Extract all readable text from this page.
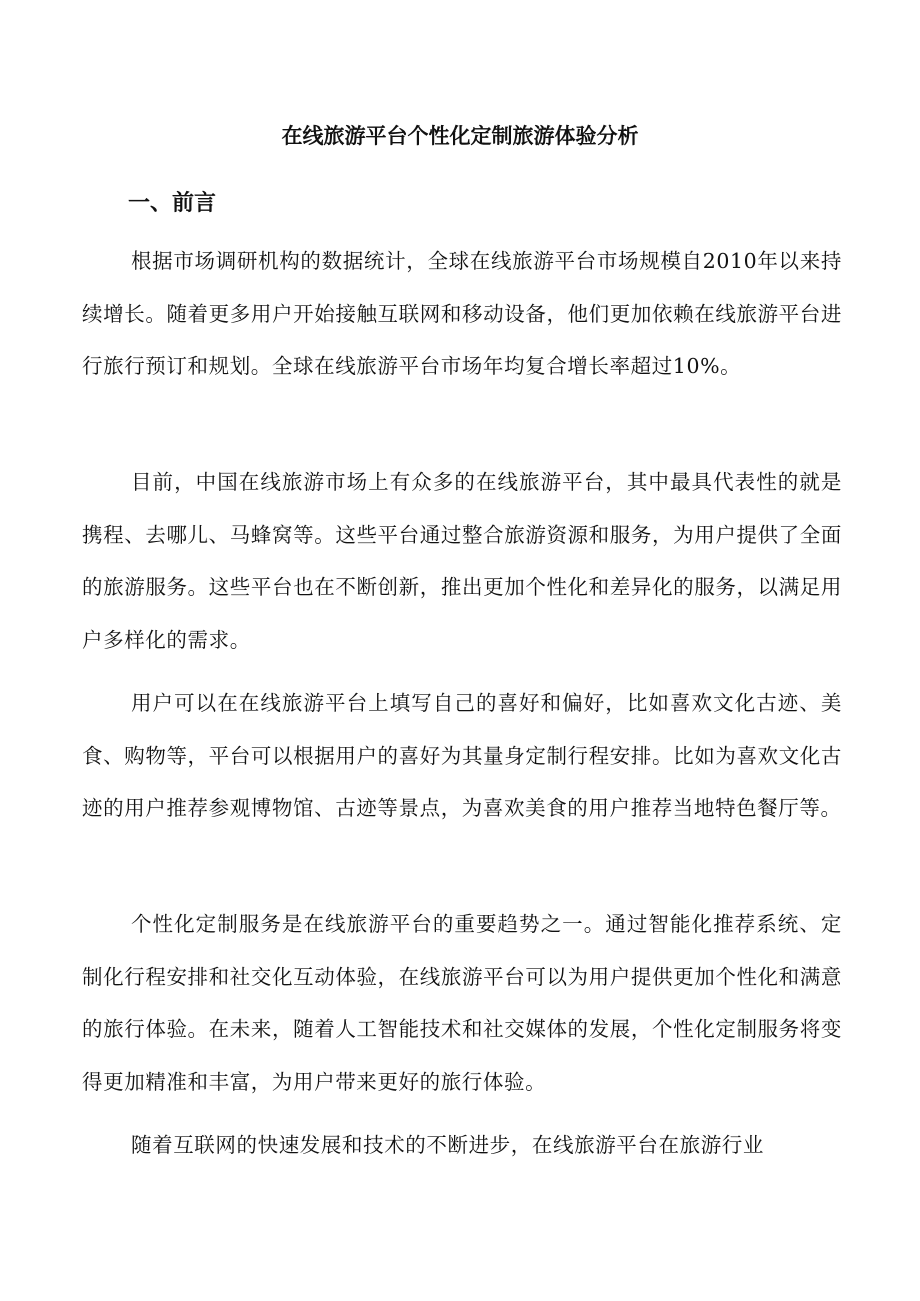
在线旅游平台个性化定制旅游体验分析
一、前言

根据市场调研机构的数据统计，全球在线旅游平台市场规模自2010年以来持续增长。随着更多用户开始接触互联网和移动设备，他们更加依赖在线旅游平台进行旅行预订和规划。全球在线旅游平台市场年均复合增长率超过10%。

目前，中国在线旅游市场上有众多的在线旅游平台，其中最具代表性的就是携程、去哪儿、马蜂窝等。这些平台通过整合旅游资源和服务，为用户提供了全面的旅游服务。这些平台也在不断创新，推出更加个性化和差异化的服务，以满足用户多样化的需求。

用户可以在在线旅游平台上填写自己的喜好和偏好，比如喜欢文化古迹、美食、购物等，平台可以根据用户的喜好为其量身定制行程安排。比如为喜欢文化古迹的用户推荐参观博物馆、古迹等景点，为喜欢美食的用户推荐当地特色餐厅等。

个性化定制服务是在线旅游平台的重要趋势之一。通过智能化推荐系统、定制化行程安排和社交化互动体验，在线旅游平台可以为用户提供更加个性化和满意的旅行体验。在未来，随着人工智能技术和社交媒体的发展，个性化定制服务将变得更加精准和丰富，为用户带来更好的旅行体验。

随着互联网的快速发展和技术的不断进步，在线旅游平台在旅游行业
